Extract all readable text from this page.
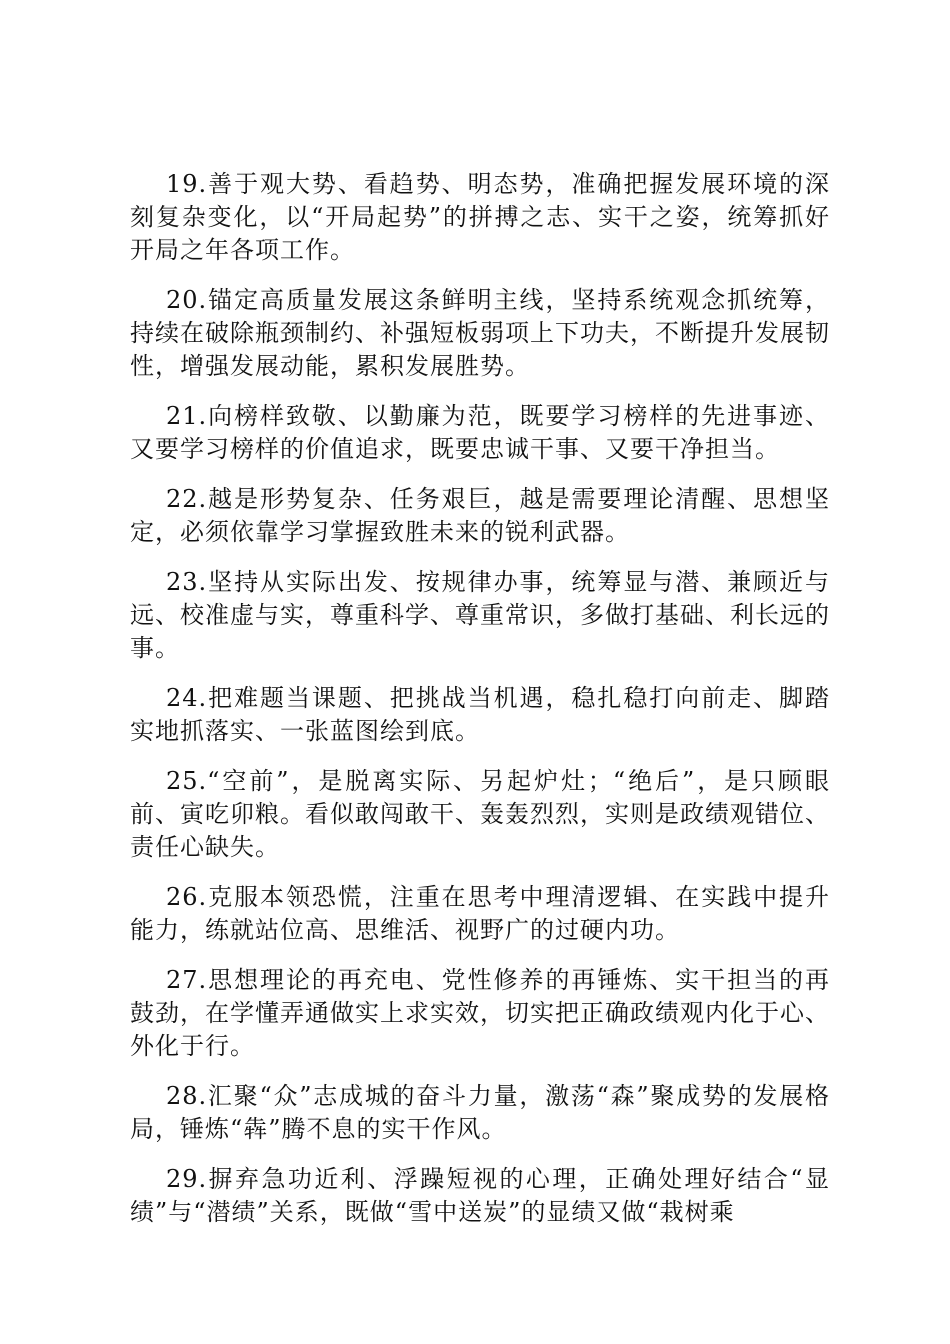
19.善于观大势、看趋势、明态势，准确把握发展环境的深刻复杂变化，以“开局起势”的拼搏之志、实干之姿，统筹抓好开局之年各项工作。

20.锚定高质量发展这条鲜明主线，坚持系统观念抓统筹，持续在破除瓶颈制约、补强短板弱项上下功夫，不断提升发展韧性，增强发展动能，累积发展胜势。

21.向榜样致敬、以勤廉为范，既要学习榜样的先进事迹、又要学习榜样的价值追求，既要忠诚干事、又要干净担当。

22.越是形势复杂、任务艰巨，越是需要理论清醒、思想坚定，必须依靠学习掌握致胜未来的锐利武器。

23.坚持从实际出发、按规律办事，统筹显与潜、兼顾近与远、校准虚与实，尊重科学、尊重常识，多做打基础、利长远的事。

24.把难题当课题、把挑战当机遇，稳扎稳打向前走、脚踏实地抓落实、一张蓝图绘到底。

25.“空前”，是脱离实际、另起炉灶；“绝后”，是只顾眼前、寅吃卯粮。看似敢闯敢干、轰轰烈烈，实则是政绩观错位、责任心缺失。

26.克服本领恐慌，注重在思考中理清逻辑、在实践中提升能力，练就站位高、思维活、视野广的过硬内功。

27.思想理论的再充电、党性修养的再锤炼、实干担当的再鼓劲，在学懂弄通做实上求实效，切实把正确政绩观内化于心、外化于行。

28.汇聚“众”志成城的奋斗力量，激荡“森”聚成势的发展格局，锤炼“犇”腾不息的实干作风。

29.摒弃急功近利、浮躁短视的心理，正确处理好结合“显绩”与“潜绩”关系，既做“雪中送炭”的显绩又做“栽树乘
